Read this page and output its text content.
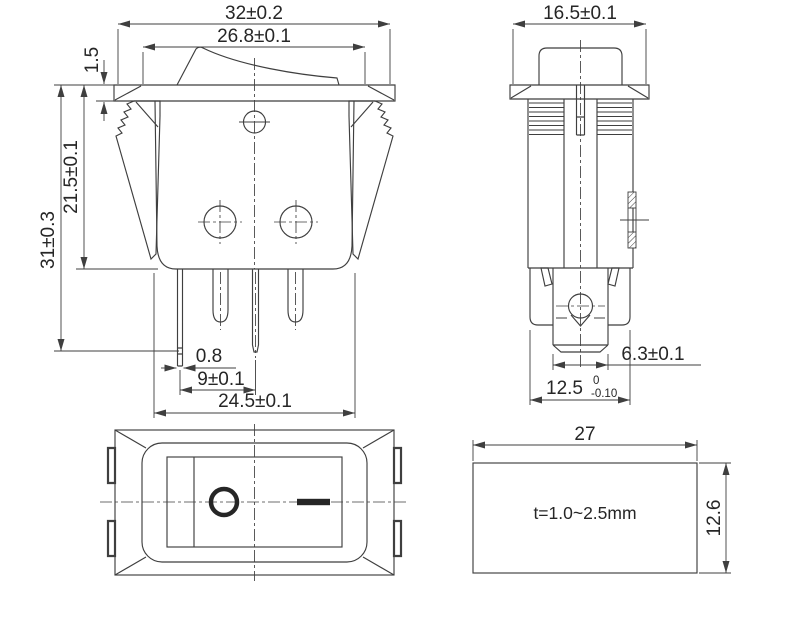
32±0.2
26.8±0.1
1.5
21.5±0.1
31±0.3
0.8
9±0.1
24.5±0.1
16.5±0.1
6.3±0.1
12.5 0
-0.10
27
12.6
t=1.0~2.5mm
